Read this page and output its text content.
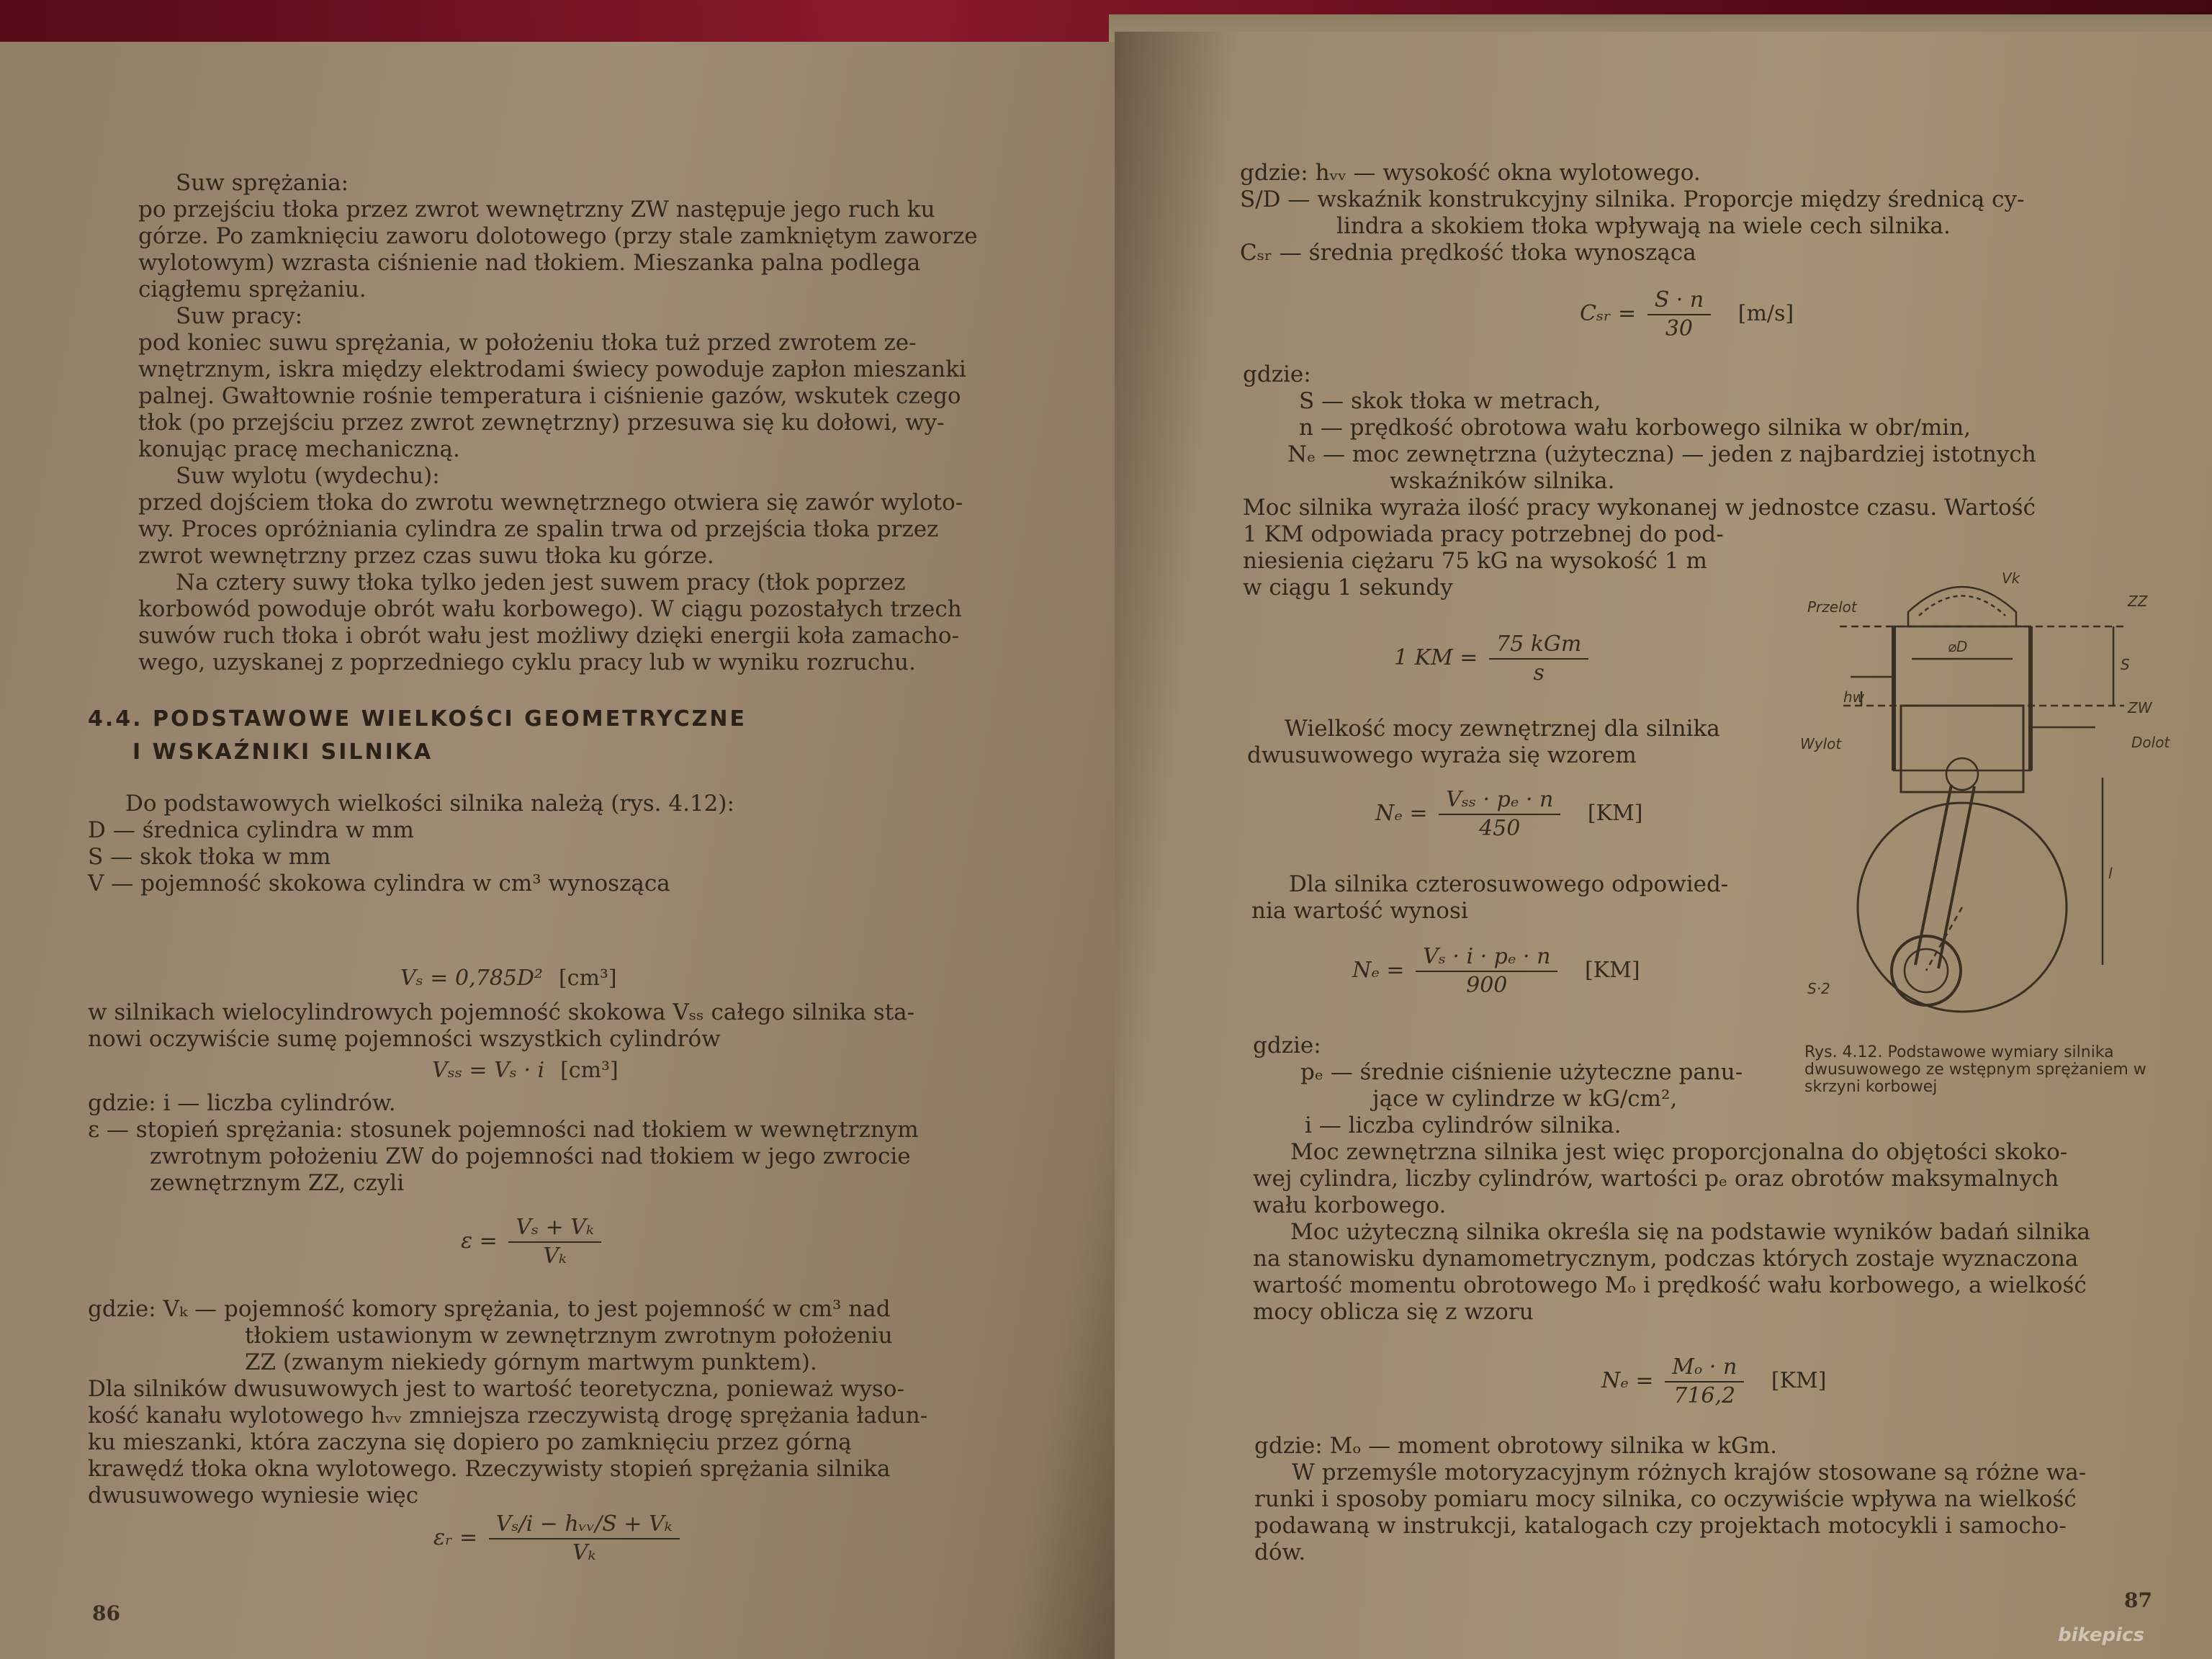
Suw sprężania:
po przejściu tłoka przez zwrot wewnętrzny ZW następuje jego ruch ku
górze. Po zamknięciu zaworu dolotowego (przy stale zamkniętym zaworze
wylotowym) wzrasta ciśnienie nad tłokiem. Mieszanka palna podlega
ciągłemu sprężaniu.
Suw pracy:
pod koniec suwu sprężania, w położeniu tłoka tuż przed zwrotem ze-
wnętrznym, iskra między elektrodami świecy powoduje zapłon mieszanki
palnej. Gwałtownie rośnie temperatura i ciśnienie gazów, wskutek czego
tłok (po przejściu przez zwrot zewnętrzny) przesuwa się ku dołowi, wy-
konując pracę mechaniczną.
Suw wylotu (wydechu):
przed dojściem tłoka do zwrotu wewnętrznego otwiera się zawór wyloto-
wy. Proces opróżniania cylindra ze spalin trwa od przejścia tłoka przez
zwrot wewnętrzny przez czas suwu tłoka ku górze.
Na cztery suwy tłoka tylko jeden jest suwem pracy (tłok poprzez
korbowód powoduje obrót wału korbowego). W ciągu pozostałych trzech
suwów ruch tłoka i obrót wału jest możliwy dzięki energii koła zamacho-
wego, uzyskanej z poprzedniego cyklu pracy lub w wyniku rozruchu.
4.4. PODSTAWOWE WIELKOŚCI GEOMETRYCZNE
I WSKAŹNIKI SILNIKA
Do podstawowych wielkości silnika należą (rys. 4.12):
D — średnica cylindra w mm
S — skok tłoka w mm
V — pojemność skokowa cylindra w cm³ wynosząca
Vₛ = 0,785D² [cm³]
w silnikach wielocylindrowych pojemność skokowa Vₛₛ całego silnika sta-
nowi oczywiście sumę pojemności wszystkich cylindrów
Vₛₛ = Vₛ · i [cm³]
gdzie: i — liczba cylindrów.
ε — stopień sprężania: stosunek pojemności nad tłokiem w wewnętrznym
zwrotnym położeniu ZW do pojemności nad tłokiem w jego zwrocie
zewnętrznym ZZ, czyli
$\varepsilon = \frac{\text{Vₛ + Vₖ}}{\text{Vₖ}}$
gdzie: Vₖ — pojemność komory sprężania, to jest pojemność w cm³ nad
tłokiem ustawionym w zewnętrznym zwrotnym położeniu
ZZ (zwanym niekiedy górnym martwym punktem).
Dla silników dwusuwowych jest to wartość teoretyczna, ponieważ wyso-
kość kanału wylotowego hᵥᵥ zmniejsza rzeczywistą drogę sprężania ładun-
ku mieszanki, która zaczyna się dopiero po zamknięciu przez górną
krawędź tłoka okna wylotowego. Rzeczywisty stopień sprężania silnika
dwusuwowego wyniesie więc
εᵣ = $\frac{\text{Vₛ/i − hᵥᵥ/S + Vₖ}}{\text{Vₖ}}$
86
gdzie: hᵥᵥ — wysokość okna wylotowego.
S/D — wskaźnik konstrukcyjny silnika. Proporcje między średnicą cy-
lindra a skokiem tłoka wpływają na wiele cech silnika.
Cₛᵣ — średnia prędkość tłoka wynosząca
Cₛᵣ = $\frac{S \cdot n}{30} [m/s]$
gdzie:
S — skok tłoka w metrach,
n — prędkość obrotowa wału korbowego silnika w obr/min,
Nₑ — moc zewnętrzna (użyteczna) — jeden z najbardziej istotnych
wskaźników silnika.
Moc silnika wyraża ilość pracy wykonanej w jednostce czasu. Wartość
1 KM odpowiada pracy potrzebnej do pod-
niesienia ciężaru 75 kG na wysokość 1 m
w ciągu 1 sekundy
1 KM = $\frac{\text{75 kGm}}{s}$
Wielkość mocy zewnętrznej dla silnika
dwusuwowego wyraża się wzorem
$N_e = \frac{\text{Vₛₛ · pₑ · n}}{450} [KM]$
Dla silnika czterosuwowego odpowied-
nia wartość wynosi
$N_e = \frac{\text{Vₛ · i · pₑ · n}}{900} [KM]$
gdzie:
pₑ — średnie ciśnienie użyteczne panu-
jące w cylindrze w kG/cm²,
i — liczba cylindrów silnika.
Moc zewnętrzna silnika jest więc proporcjonalna do objętości skoko-
wej cylindra, liczby cylindrów, wartości pₑ oraz obrotów maksymalnych
wału korbowego.
Moc użyteczną silnika określa się na podstawie wyników badań silnika
na stanowisku dynamometrycznym, podczas których zostaje wyznaczona
wartość momentu obrotowego Mₒ i prędkość wału korbowego, a wielkość
mocy oblicza się z wzoru
$N_e = \frac{\text{Mₒ · n}}{716,2} [KM]$
gdzie: Mₒ — moment obrotowy silnika w kGm.
W przemyśle motoryzacyjnym różnych krajów stosowane są różne wa-
runki i sposoby pomiaru mocy silnika, co oczywiście wpływa na wielkość
podawaną w instrukcji, katalogach czy projektach motocykli i samocho-
dów.
Przelot
Vk
ZZ
⌀D
S
ZW
Wylot	Dolot
hw
l
S·2
Rys. 4.12. Podstawowe wymiary silnika dwusuwowego ze wstępnym sprężaniem w skrzyni korbowej
87
bikepics
